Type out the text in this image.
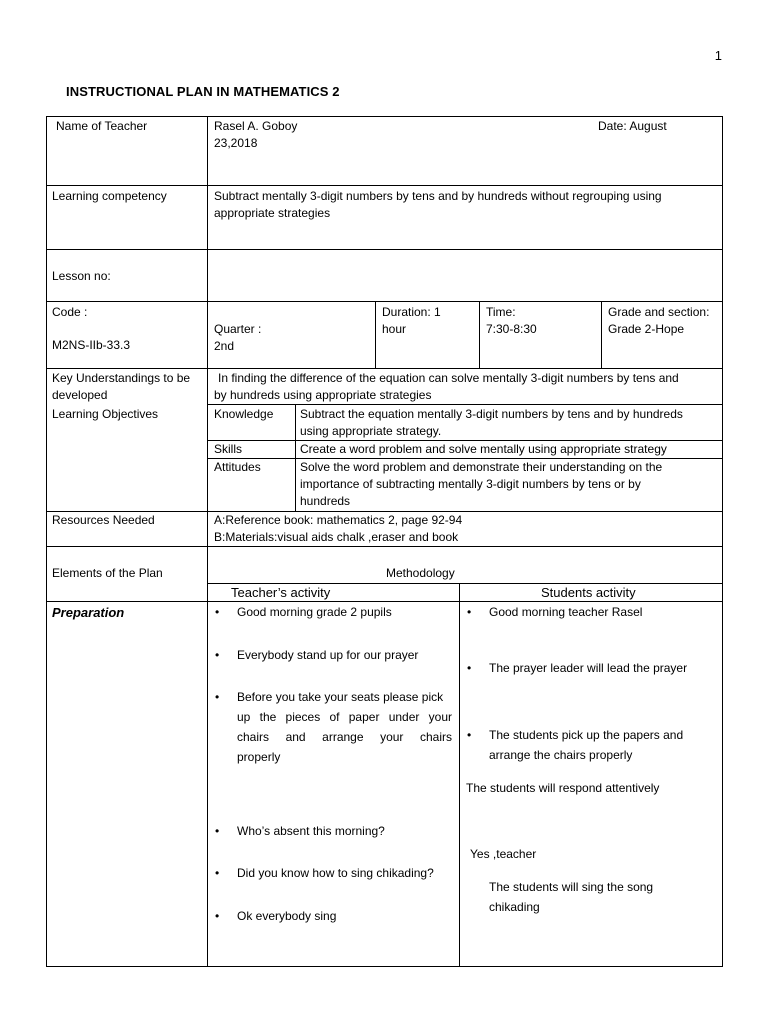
1
INSTRUCTIONAL PLAN IN MATHEMATICS 2
Name of Teacher	Rasel A. Goboy	Date: August
23,2018
Learning competency	Subtract mentally 3-digit numbers by tens and by hundreds without regrouping using
appropriate strategies
Lesson no:
Code :
M2NS-IIb-33.3
Quarter :
2nd
Duration: 1
hour
Time:
7:30-8:30
Grade and section:
Grade 2-Hope
Key Understandings to be
developed
In finding the difference of the equation can solve mentally 3-digit numbers by tens and
by hundreds using appropriate strategies
Learning Objectives	Knowledge Subtract the equation mentally 3-digit numbers by tens and by hundreds
using appropriate strategy.
Skills	Create a word problem and solve mentally using appropriate strategy
Attitudes	Solve the word problem and demonstrate their understanding on the
importance of subtracting mentally 3-digit numbers by tens or by
hundreds
Resources Needed	A:Reference book: mathematics 2, page 92-94
B:Materials:visual aids chalk ,eraser and book
Elements of the Plan	Methodology
Teacher’s activity	Students activity
Preparation
•	Good morning grade 2 pupils
• Everybody stand up for our prayer
• Before you take your seats please pick
up the pieces of paper under your
chairs and arrange your chairs
properly
• Who’s absent this morning?
• Did you know how to sing chikading?
• Ok everybody sing
• Good morning teacher Rasel
• The prayer leader will lead the prayer
• The students pick up the papers and
arrange the chairs properly
The students will respond attentively
Yes ,teacher
The students will sing the song
chikading
